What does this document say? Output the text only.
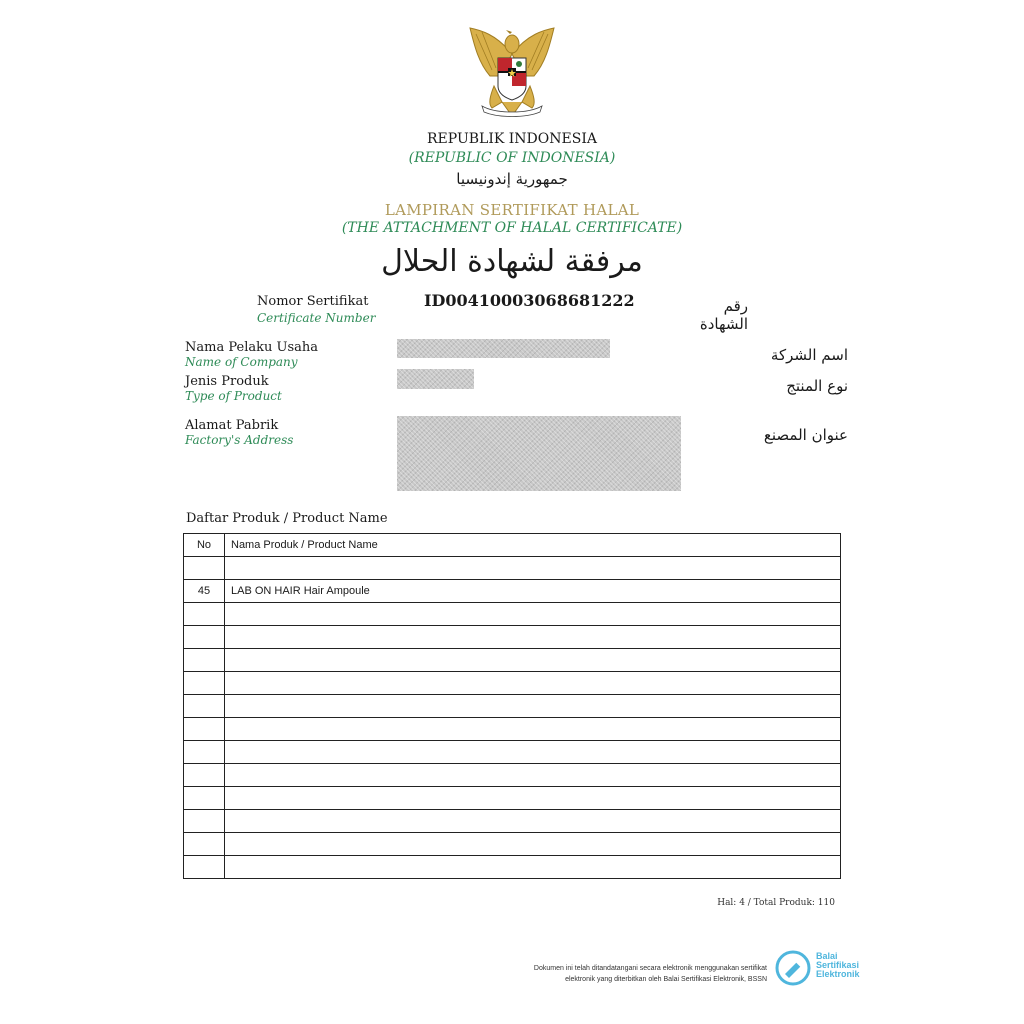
REPUBLIK INDONESIA
(REPUBLIC OF INDONESIA)
جمهورية إندونيسيا
LAMPIRAN SERTIFIKAT HALAL
(THE ATTACHMENT OF HALAL CERTIFICATE)
مرفقة لشهادة الحلال
Nomor Sertifikat
Certificate Number
ID00410003068681222	رقم الشهادة
Nama Pelaku Usaha
Name of Company	اسم الشركة
Jenis Produk
Type of Product
نوع المنتج
Alamat Pabrik
Factory's Address	عنوان المصنع
Daftar Produk / Product Name
No	Nama Produk / Product Name

45	LAB ON HAIR Hair Ampoule

Hal: 4 / Total Produk: 110
Dokumen ini telah ditandatangani secara elektronik menggunakan sertifikat
elektronik yang diterbitkan oleh Balai Sertifikasi Elektronik, BSSN
Balai
Sertifikasi
Elektronik
